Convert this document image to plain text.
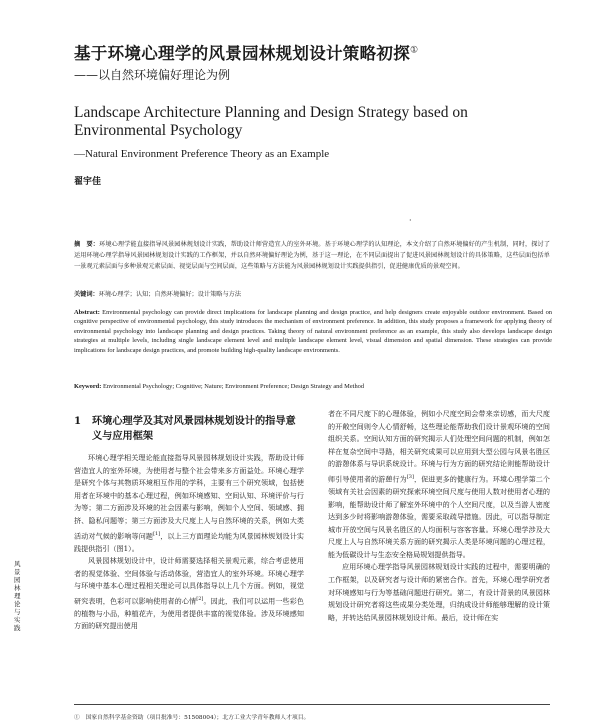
基于环境心理学的风景园林规划设计策略初探①
——以自然环境偏好理论为例
Landscape Architecture Planning and Design Strategy based on Environmental Psychology
—Natural Environment Preference Theory as an Example
翟宇佳
·
摘　要：环境心理学能直接指导风景园林规划设计实践，帮助设计师营造宜人的室外环境。基于环境心理学的认知理论，本文介绍了自然环境偏好的产生机制，同时，探讨了运用环境心理学指导风景园林规划设计实践的工作框架，并以自然环境偏好理论为例，基于这一理论，在不同层面提出了促进风景园林规划设计的具体策略，这些层面包括单一景观元素层面与多种景观元素层面、视觉层面与空间层面，这些策略与方法能为风景园林规划设计实践提供指引，促进健康优质的景观空间。
关键词：环境心理学；认知；自然环境偏好；设计策略与方法
Abstract: Environmental psychology can provide direct implications for landscape planning and design practice, and help designers create enjoyable outdoor environment. Based on cognitive perspective of environmental psychology, this study introduces the mechanism of environment preference. In addition, this study proposes a framework for applying theory of environmental psychology into landscape planning and design practices. Taking theory of natural environment preference as an example, this study also develops landscape design strategies at multiple levels, including single landscape element level and multiple landscape element level, visual dimension and spatial dimension. These strategies can provide implications for landscape design practices, and promote building high-quality landscape environments.
Keyword: Environmental Psychology; Cognitive; Nature; Environment Preference; Design Strategy and Method
1	环境心理学及其对风景园林规划设计的指导意义与应用框架

环境心理学相关理论能直接指导风景园林规划设计实践，帮助设计师营造宜人的室外环境，为使用者与整个社会带来多方面益处。环境心理学是研究个体与其物质环境相互作用的学科，主要有三个研究领域，包括使用者在环境中的基本心理过程，例如环境感知、空间认知、环境评价与行为等；第二方面涉及环境的社会因素与影响，例如个人空间、领域感、拥挤、隐私问题等；第三方面涉及大尺度上人与自然环境的关系，例如大类活动对气候的影响等问题[1]，以上三方面理论均能为风景园林规划设计实践提供指引（图1）。

风景园林规划设计中，设计师需要选择相关景观元素，综合考虑使用者的视觉体验、空间体验与活动体验，营造宜人的室外环境。环境心理学与环境中基本心理过程相关理论可以具体指导以上几个方面。例如，视觉研究表明，色彩可以影响使用者的心情[2]。因此，我们可以运用一些彩色的植物与小品，种植花卉，为使用者提供丰富的视觉体验。涉及环境感知方面的研究提出使用

者在不同尺度下的心理体验，例如小尺度空间会带来亲切感，而大尺度的开敞空间则令人心情舒畅，这些理论能帮助我们设计景观环境的空间组织关系。空间认知方面的研究揭示人们处理空间问题的机制，例如怎样在复杂空间中寻路，相关研究成果可以应用到大型公园与风景名胜区的游憩体系与导识系统设计。环境与行为方面的研究结论则能帮助设计师引导使用者的游憩行为[3]，促进更多的健康行为。环境心理学第二个领域有关社会因素的研究探索环境空间尺度与使用人数对使用者心理的影响，能帮助设计师了解室外环境中的个人空间尺度，以及当游人密度达到多少时将影响游憩体验，需要采取疏导措施。因此，可以指导制定城市开放空间与风景名胜区的人均面积与容客容量。环境心理学涉及大尺度上人与自然环境关系方面的研究揭示人类是环境问题的心理过程，能为低碳设计与生态安全格局规划提供指导。

应用环境心理学指导风景园林规划设计实践的过程中，需要明确的工作框架，以及研究者与设计师的紧密合作。首先，环境心理学研究者对环境感知与行为等基础问题进行研究。第二，有设计背景的风景园林规划设计研究者将这些成果分类处理，归纳成设计师能够理解的设计策略，并转达给风景园林规划设计师。最后，设计师在实

风景园林理论与实践
①　国家自然科学基金资助（项目批准号：51508004）；北方工业大学青年教师人才项目。
